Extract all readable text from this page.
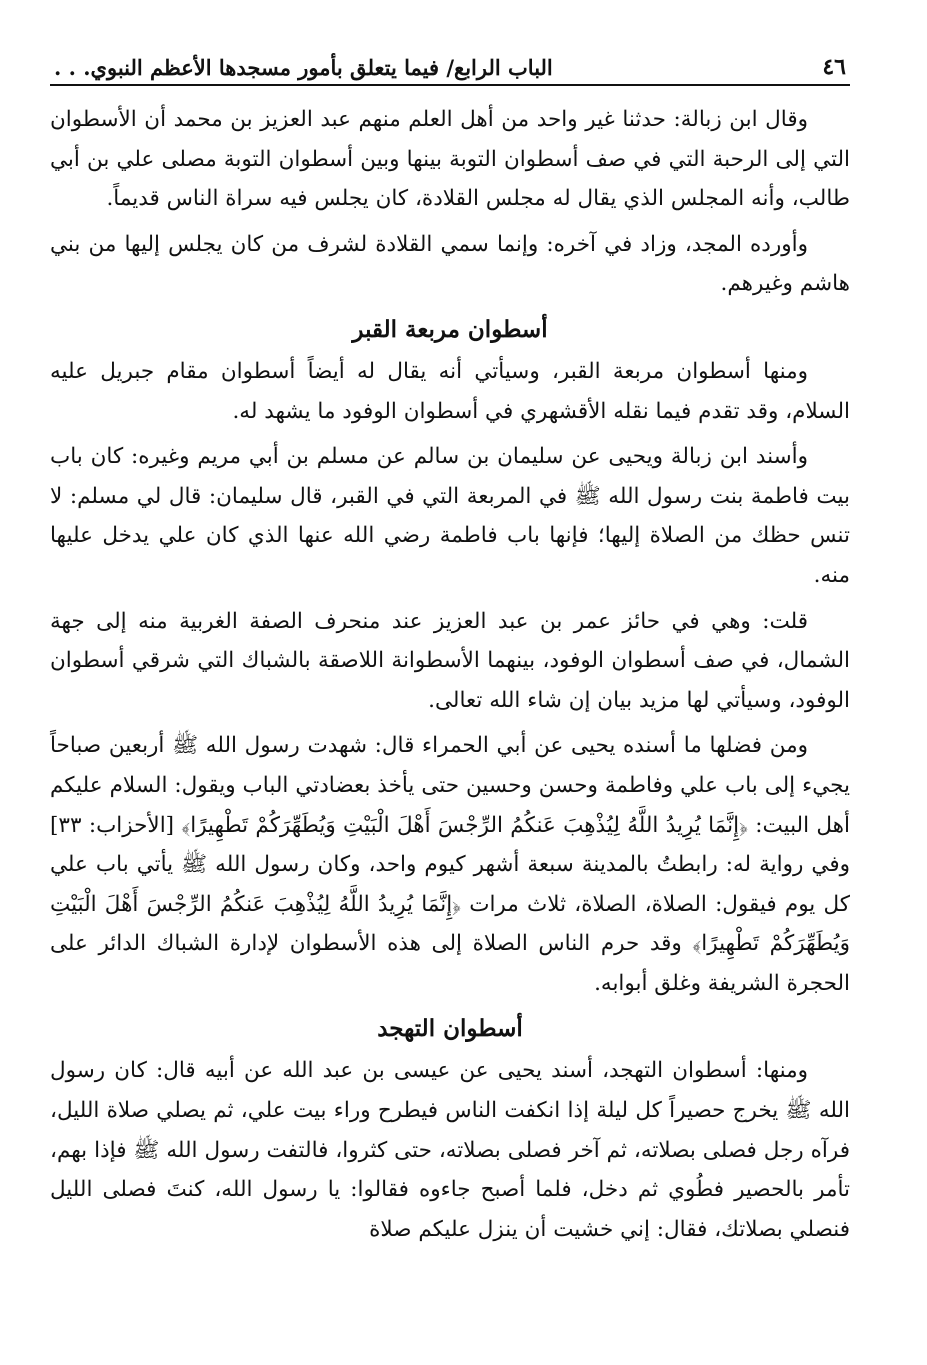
٤٦
الباب الرابع/ فيما يتعلق بأمور مسجدها الأعظم النبوي. . .

وقال ابن زبالة: حدثنا غير واحد من أهل العلم منهم عبد العزيز بن محمد أن الأسطوان التي إلى الرحبة التي في صف أسطوان التوبة بينها وبين أسطوان التوبة مصلى علي بن أبي طالب، وأنه المجلس الذي يقال له مجلس القلادة، كان يجلس فيه سراة الناس قديماً.

وأورده المجد، وزاد في آخره: وإنما سمي القلادة لشرف من كان يجلس إليها من بني هاشم وغيرهم.

أسطوان مربعة القبر

ومنها أسطوان مربعة القبر، وسيأتي أنه يقال له أيضاً أسطوان مقام جبريل عليه السلام، وقد تقدم فيما نقله الأقشهري في أسطوان الوفود ما يشهد له.

وأسند ابن زبالة ويحيى عن سليمان بن سالم عن مسلم بن أبي مريم وغيره: كان باب بيت فاطمة بنت رسول الله ﷺ في المربعة التي في القبر، قال سليمان: قال لي مسلم: لا تنس حظك من الصلاة إليها؛ فإنها باب فاطمة رضي الله عنها الذي كان علي يدخل عليها منه.

قلت: وهي في حائز عمر بن عبد العزيز عند منحرف الصفة الغربية منه إلى جهة الشمال، في صف أسطوان الوفود، بينهما الأسطوانة اللاصقة بالشباك التي شرقي أسطوان الوفود، وسيأتي لها مزيد بيان إن شاء الله تعالى.

ومن فضلها ما أسنده يحيى عن أبي الحمراء قال: شهدت رسول الله ﷺ أربعين صباحاً يجيء إلى باب علي وفاطمة وحسن وحسين حتى يأخذ بعضادتي الباب ويقول: السلام عليكم أهل البيت: ﴿إِنَّمَا يُرِيدُ اللَّهُ لِيُذْهِبَ عَنكُمُ الرِّجْسَ أَهْلَ الْبَيْتِ وَيُطَهِّرَكُمْ تَطْهِيرًا﴾ [الأحزاب: ٣٣] وفي رواية له: رابطتُ بالمدينة سبعة أشهر كيوم واحد، وكان رسول الله ﷺ يأتي باب علي كل يوم فيقول: الصلاة، الصلاة، ثلاث مرات ﴿إِنَّمَا يُرِيدُ اللَّهُ لِيُذْهِبَ عَنكُمُ الرِّجْسَ أَهْلَ الْبَيْتِ وَيُطَهِّرَكُمْ تَطْهِيرًا﴾ وقد حرم الناس الصلاة إلى هذه الأسطوان لإدارة الشباك الدائر على الحجرة الشريفة وغلق أبوابه.

أسطوان التهجد

ومنها: أسطوان التهجد، أسند يحيى عن عيسى بن عبد الله عن أبيه قال: كان رسول الله ﷺ يخرج حصيراً كل ليلة إذا انكفت الناس فيطرح وراء بيت علي، ثم يصلي صلاة الليل، فرآه رجل فصلى بصلاته، ثم آخر فصلى بصلاته، حتى كثروا، فالتفت رسول الله ﷺ فإذا بهم، تأمر بالحصير فطُوي ثم دخل، فلما أصبح جاءوه فقالوا: يا رسول الله، كنتَ فصلى الليل فنصلي بصلاتك، فقال: إني خشيت أن ينزل عليكم صلاة
